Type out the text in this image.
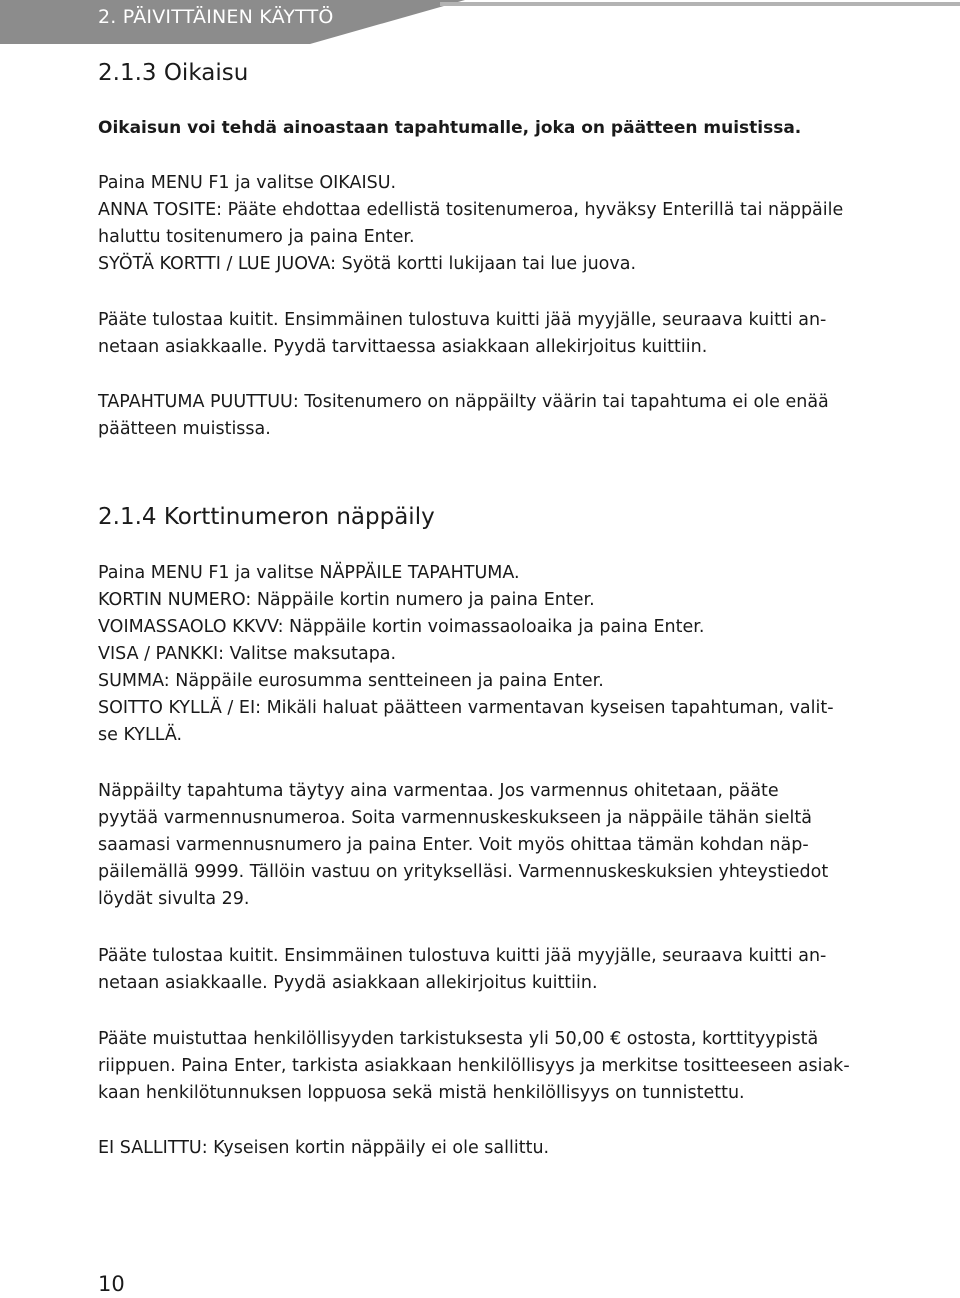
2. PÄIVITTÄINEN KÄYTTÖ
2.1.3 Oikaisu
Oikaisun voi tehdä ainoastaan tapahtumalle, joka on päätteen muistissa.
Paina MENU F1 ja valitse OIKAISU.
ANNA TOSITE: Pääte ehdottaa edellistä tositenumeroa, hyväksy Enterillä tai näppäile
haluttu tositenumero ja paina Enter.
SYÖTÄ KORTTI / LUE JUOVA: Syötä kortti lukijaan tai lue juova.
Pääte tulostaa kuitit. Ensimmäinen tulostuva kuitti jää myyjälle, seuraava kuitti an-
netaan asiakkaalle. Pyydä tarvittaessa asiakkaan allekirjoitus kuittiin.
TAPAHTUMA PUUTTUU: Tositenumero on näppäilty väärin tai tapahtuma ei ole enää
päätteen muistissa.
2.1.4 Korttinumeron näppäily
Paina MENU F1 ja valitse NÄPPÄILE TAPAHTUMA.
KORTIN NUMERO: Näppäile kortin numero ja paina Enter.
VOIMASSAOLO KKVV: Näppäile kortin voimassaoloaika ja paina Enter.
VISA / PANKKI: Valitse maksutapa.
SUMMA: Näppäile eurosumma sentteineen ja paina Enter.
SOITTO KYLLÄ / EI: Mikäli haluat päätteen varmentavan kyseisen tapahtuman, valit-
se KYLLÄ.
Näppäilty tapahtuma täytyy aina varmentaa. Jos varmennus ohitetaan, pääte
pyytää varmennusnumeroa. Soita varmennuskeskukseen ja näppäile tähän sieltä
saamasi varmennusnumero ja paina Enter. Voit myös ohittaa tämän kohdan näp-
päilemällä 9999. Tällöin vastuu on yritykselläsi. Varmennuskeskuksien yhteystiedot
löydät sivulta 29.
Pääte tulostaa kuitit. Ensimmäinen tulostuva kuitti jää myyjälle, seuraava kuitti an-
netaan asiakkaalle. Pyydä asiakkaan allekirjoitus kuittiin.
Pääte muistuttaa henkilöllisyyden tarkistuksesta yli 50,00 € ostosta, korttityypistä
riippuen. Paina Enter, tarkista asiakkaan henkilöllisyys ja merkitse tositteeseen asiak-
kaan henkilötunnuksen loppuosa sekä mistä henkilöllisyys on tunnistettu.
EI SALLITTU: Kyseisen kortin näppäily ei ole sallittu.
10
